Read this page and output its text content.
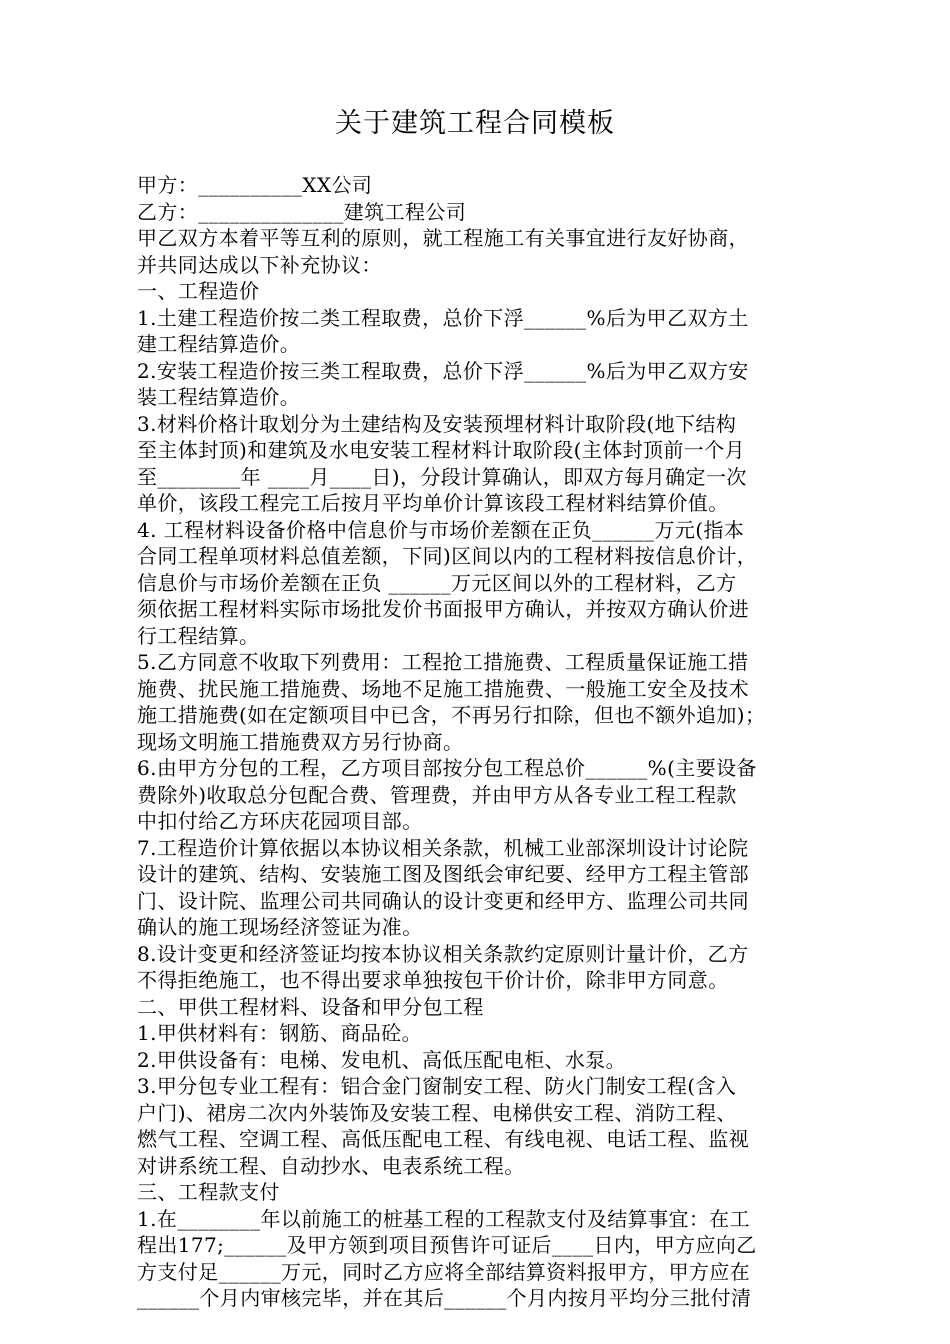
关于建筑工程合同模板
甲方：__________XX公司
乙方：______________建筑工程公司
甲乙双方本着平等互利的原则，就工程施工有关事宜进行友好协商，
并共同达成以下补充协议：
一、工程造价
1.土建工程造价按二类工程取费，总价下浮______%后为甲乙双方土
建工程结算造价。
2.安装工程造价按三类工程取费，总价下浮______%后为甲乙双方安
装工程结算造价。
3.材料价格计取划分为土建结构及安装预埋材料计取阶段(地下结构
至主体封顶)和建筑及水电安装工程材料计取阶段(主体封顶前一个月
至________年 ____月____日)，分段计算确认，即双方每月确定一次
单价，该段工程完工后按月平均单价计算该段工程材料结算价值。
4. 工程材料设备价格中信息价与市场价差额在正负______万元(指本
合同工程单项材料总值差额，下同)区间以内的工程材料按信息价计，
信息价与市场价差额在正负 ______万元区间以外的工程材料，乙方
须依据工程材料实际市场批发价书面报甲方确认，并按双方确认价进
行工程结算。
5.乙方同意不收取下列费用：工程抢工措施费、工程质量保证施工措
施费、扰民施工措施费、场地不足施工措施费、一般施工安全及技术
施工措施费(如在定额项目中已含，不再另行扣除，但也不额外追加)；
现场文明施工措施费双方另行协商。
6.由甲方分包的工程，乙方项目部按分包工程总价______%(主要设备
费除外)收取总分包配合费、管理费，并由甲方从各专业工程工程款
中扣付给乙方环庆花园项目部。
7.工程造价计算依据以本协议相关条款，机械工业部深圳设计讨论院
设计的建筑、结构、安装施工图及图纸会审纪要、经甲方工程主管部
门、设计院、监理公司共同确认的设计变更和经甲方、监理公司共同
确认的施工现场经济签证为准。
8.设计变更和经济签证均按本协议相关条款约定原则计量计价，乙方
不得拒绝施工，也不得出要求单独按包干价计价，除非甲方同意。
二、甲供工程材料、设备和甲分包工程
1.甲供材料有：钢筋、商品砼。
2.甲供设备有：电梯、发电机、高低压配电柜、水泵。
3.甲分包专业工程有：铝合金门窗制安工程、防火门制安工程(含入
户门)、裙房二次内外装饰及安装工程、电梯供安工程、消防工程、
燃气工程、空调工程、高低压配电工程、有线电视、电话工程、监视
对讲系统工程、自动抄水、电表系统工程。
三、工程款支付
1.在________年以前施工的桩基工程的工程款支付及结算事宜：在工
程出177;______及甲方领到项目预售许可证后____日内，甲方应向乙
方支付足______万元，同时乙方应将全部结算资料报甲方，甲方应在
______个月内审核完毕，并在其后______个月内按月平均分三批付清
